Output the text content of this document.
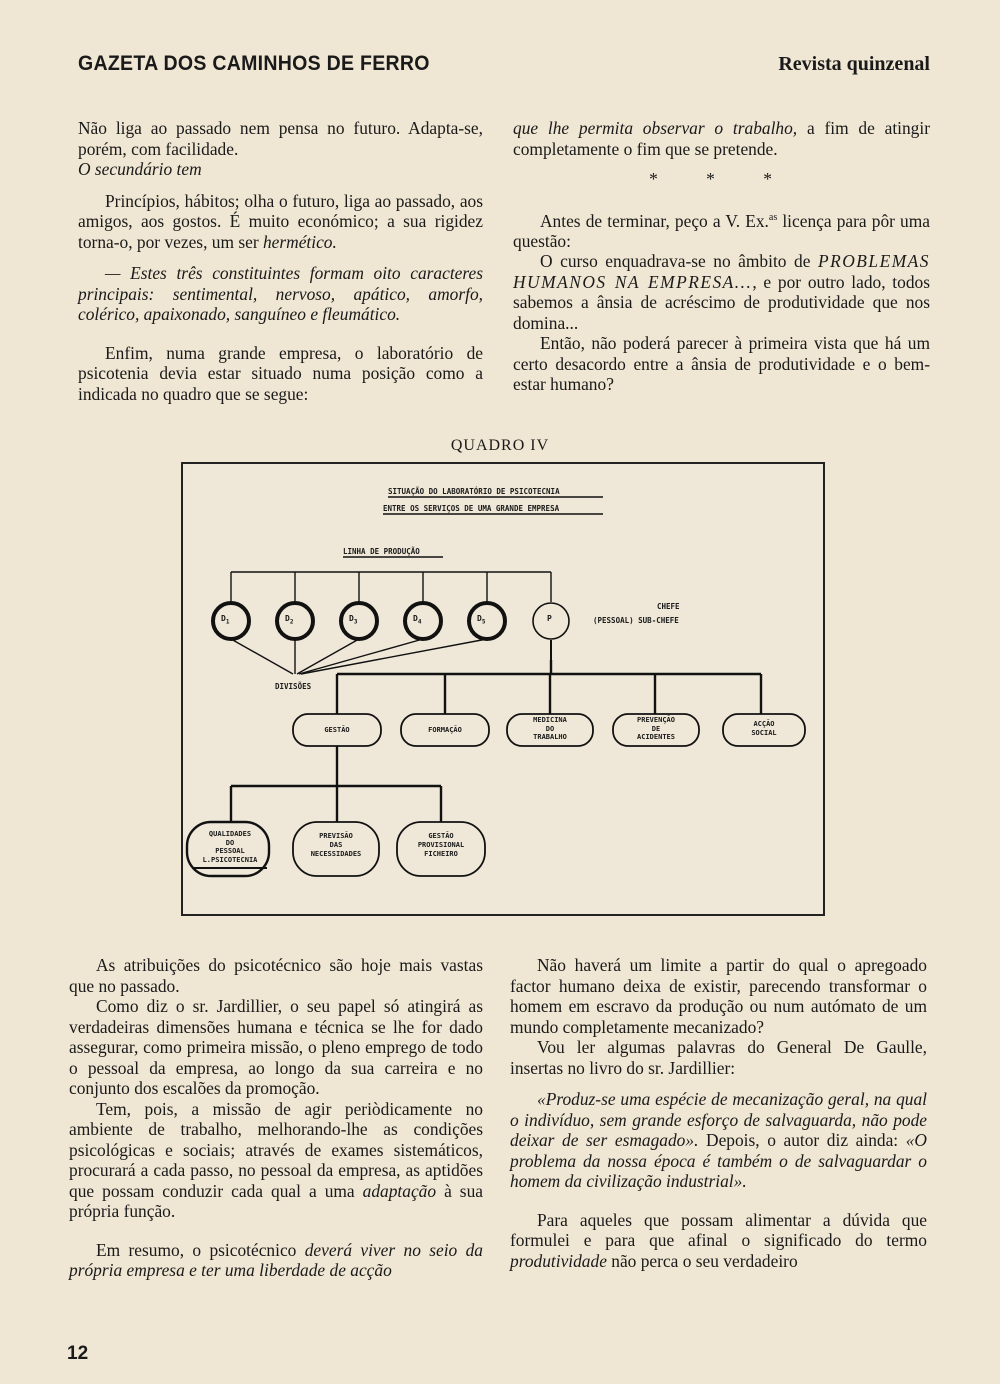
GAZETA DOS CAMINHOS DE FERRO	Revista quinzenal

Não liga ao passado nem pensa no futuro. Adapta-se, porém, com facilidade.

O secundário tem

Princípios, hábitos; olha o futuro, liga ao passado, aos amigos, aos gostos. É muito económico; a sua rigidez torna-o, por vezes, um ser hermético.

— Estes três constituintes formam oito caracteres principais: sentimental, nervoso, apático, amorfo, colérico, apaixonado, sanguíneo e fleumático.

Enfim, numa grande empresa, o laboratório de psicotenia devia estar situado numa posição como a indicada no quadro que se segue:

que lhe permita observar o trabalho, a fim de atingir completamente o fim que se pretende.

* * *

Antes de terminar, peço a V. Ex.$^{as}$ licença para pôr uma questão:

O curso enquadrava-se no âmbito de PROBLEMAS HUMANOS NA EMPRESA..., e por outro lado, todos sabemos a ânsia de acréscimo de produtividade que nos domina...

Então, não poderá parecer à primeira vista que há um certo desacordo entre a ânsia de produtividade e o bem-estar humano?

QUADRO IV
SITUAÇÃO DO LABORATÓRIO DE PSICOTECNIA
ENTRE OS SERVIÇOS DE UMA GRANDE EMPRESA
LINHA DE PRODUÇÃO
$D_1$	$D_2$	$D_3$	$D_4$	$D_5$	P
CHEFE
(PESSOAL) SUB-CHEFE
DIVISÕES
GESTÃO	FORMAÇÃO
MEDICINA
DO
TRABALHO
PREVENÇÃO
DE
ACIDENTES
ACÇÃO
SOCIAL
QUALIDADES
DO
PESSOAL
L.PSICOTECNIA
PREVISÃO
DAS
NECESSIDADES
GESTÃO
PROVISIONAL
FICHEIRO

As atribuições do psicotécnico são hoje mais vastas que no passado.

Como diz o sr. Jardillier, o seu papel só atingirá as verdadeiras dimensões humana e técnica se lhe for dado assegurar, como primeira missão, o pleno emprego de todo o pessoal da empresa, ao longo da sua carreira e no conjunto dos escalões da promoção.

Tem, pois, a missão de agir periòdicamente no ambiente de trabalho, melhorando-lhe as condições psicológicas e sociais; através de exames sistemáticos, procurará a cada passo, no pessoal da empresa, as aptidões que possam conduzir cada qual a uma adaptação à sua própria função.

Em resumo, o psicotécnico deverá viver no seio da própria empresa e ter uma liberdade de acção

Não haverá um limite a partir do qual o apregoado factor humano deixa de existir, parecendo transformar o homem em escravo da produção ou num autómato de um mundo completamente mecanizado?

Vou ler algumas palavras do General De Gaulle, insertas no livro do sr. Jardillier:

«Produz-se uma espécie de mecanização geral, na qual o indivíduo, sem grande esforço de salvaguarda, não pode deixar de ser esmagado». Depois, o autor diz ainda: «O problema da nossa época é também o de salvaguardar o homem da civilização industrial».

Para aqueles que possam alimentar a dúvida que formulei e para que afinal o significado do termo produtividade não perca o seu verdadeiro

12
